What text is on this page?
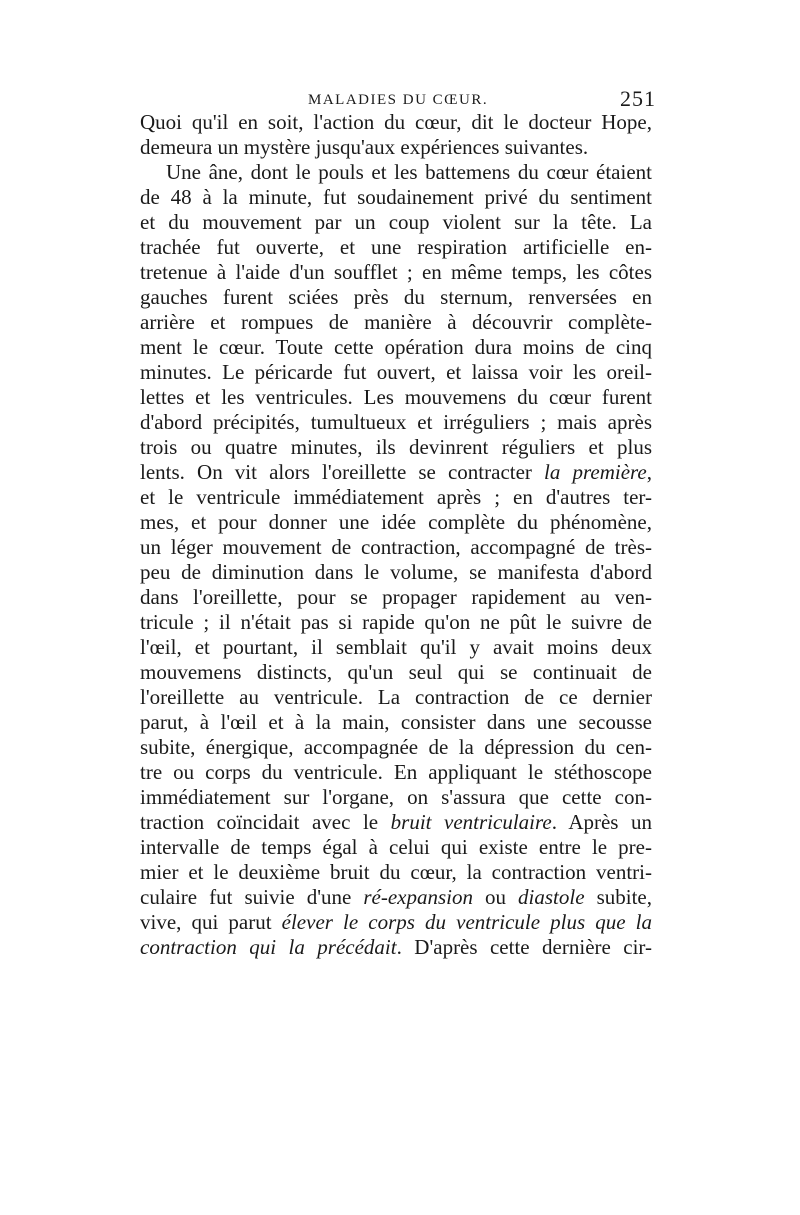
MALADIES DU CŒUR.	251
Quoi qu'il en soit, l'action du cœur, dit le docteur Hope,
demeura un mystère jusqu'aux expériences suivantes.
Une âne, dont le pouls et les battemens du cœur étaient
de 48 à la minute, fut soudainement privé du sentiment
et du mouvement par un coup violent sur la tête. La
trachée fut ouverte, et une respiration artificielle en-
tretenue à l'aide d'un soufflet ; en même temps, les côtes
gauches furent sciées près du sternum, renversées en
arrière et rompues de manière à découvrir complète-
ment le cœur. Toute cette opération dura moins de cinq
minutes. Le péricarde fut ouvert, et laissa voir les oreil-
lettes et les ventricules. Les mouvemens du cœur furent
d'abord précipités, tumultueux et irréguliers ; mais après
trois ou quatre minutes, ils devinrent réguliers et plus
lents. On vit alors l'oreillette se contracter la première,
et le ventricule immédiatement après ; en d'autres ter-
mes, et pour donner une idée complète du phénomène,
un léger mouvement de contraction, accompagné de très-
peu de diminution dans le volume, se manifesta d'abord
dans l'oreillette, pour se propager rapidement au ven-
tricule ; il n'était pas si rapide qu'on ne pût le suivre de
l'œil, et pourtant, il semblait qu'il y avait moins deux
mouvemens distincts, qu'un seul qui se continuait de
l'oreillette au ventricule. La contraction de ce dernier
parut, à l'œil et à la main, consister dans une secousse
subite, énergique, accompagnée de la dépression du cen-
tre ou corps du ventricule. En appliquant le stéthoscope
immédiatement sur l'organe, on s'assura que cette con-
traction coïncidait avec le bruit ventriculaire. Après un
intervalle de temps égal à celui qui existe entre le pre-
mier et le deuxième bruit du cœur, la contraction ventri-
culaire fut suivie d'une ré-expansion ou diastole subite,
vive, qui parut élever le corps du ventricule plus que la
contraction qui la précédait. D'après cette dernière cir-
